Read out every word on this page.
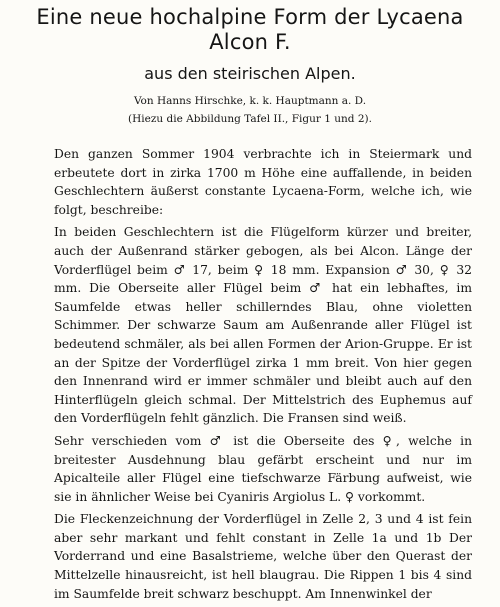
Eine neue hochalpine Form der Lycaena
Alcon F.
aus den steirischen Alpen.
Von Hanns Hirschke, k. k. Hauptmann a. D.
(Hiezu die Abbildung Tafel II., Figur 1 und 2).

Den ganzen Sommer 1904 verbrachte ich in Steiermark und erbeutete dort in zirka 1700 m Höhe eine auffallende, in beiden Geschlechtern äußerst constante Lycaena-Form, welche ich, wie folgt, beschreibe:

In beiden Geschlechtern ist die Flügelform kürzer und breiter, auch der Außenrand stärker gebogen, als bei Alcon. Länge der Vorderflügel beim ♂ 17, beim ♀ 18 mm. Expansion ♂ 30, ♀ 32 mm. Die Oberseite aller Flügel beim ♂ hat ein lebhaftes, im Saumfelde etwas heller schillerndes Blau, ohne violetten Schimmer. Der schwarze Saum am Außenrande aller Flügel ist bedeutend schmäler, als bei allen Formen der Arion-Gruppe. Er ist an der Spitze der Vorderflügel zirka 1 mm breit. Von hier gegen den Innenrand wird er immer schmäler und bleibt auch auf den Hinterflügeln gleich schmal. Der Mittelstrich des Euphemus auf den Vorderflügeln fehlt gänzlich. Die Fransen sind weiß.

Sehr verschieden vom ♂ ist die Oberseite des ♀, welche in breitester Ausdehnung blau gefärbt erscheint und nur im Apicalteile aller Flügel eine tiefschwarze Färbung aufweist, wie sie in ähnlicher Weise bei Cyaniris Argiolus L. ♀ vorkommt.

Die Fleckenzeichnung der Vorderflügel in Zelle 2, 3 und 4 ist fein aber sehr markant und fehlt constant in Zelle 1a und 1b Der Vorderrand und eine Basalstrieme, welche über den Querast der Mittelzelle hinausreicht, ist hell blaugrau. Die Rippen 1 bis 4 sind im Saumfelde breit schwarz beschuppt. Am Innenwinkel der
